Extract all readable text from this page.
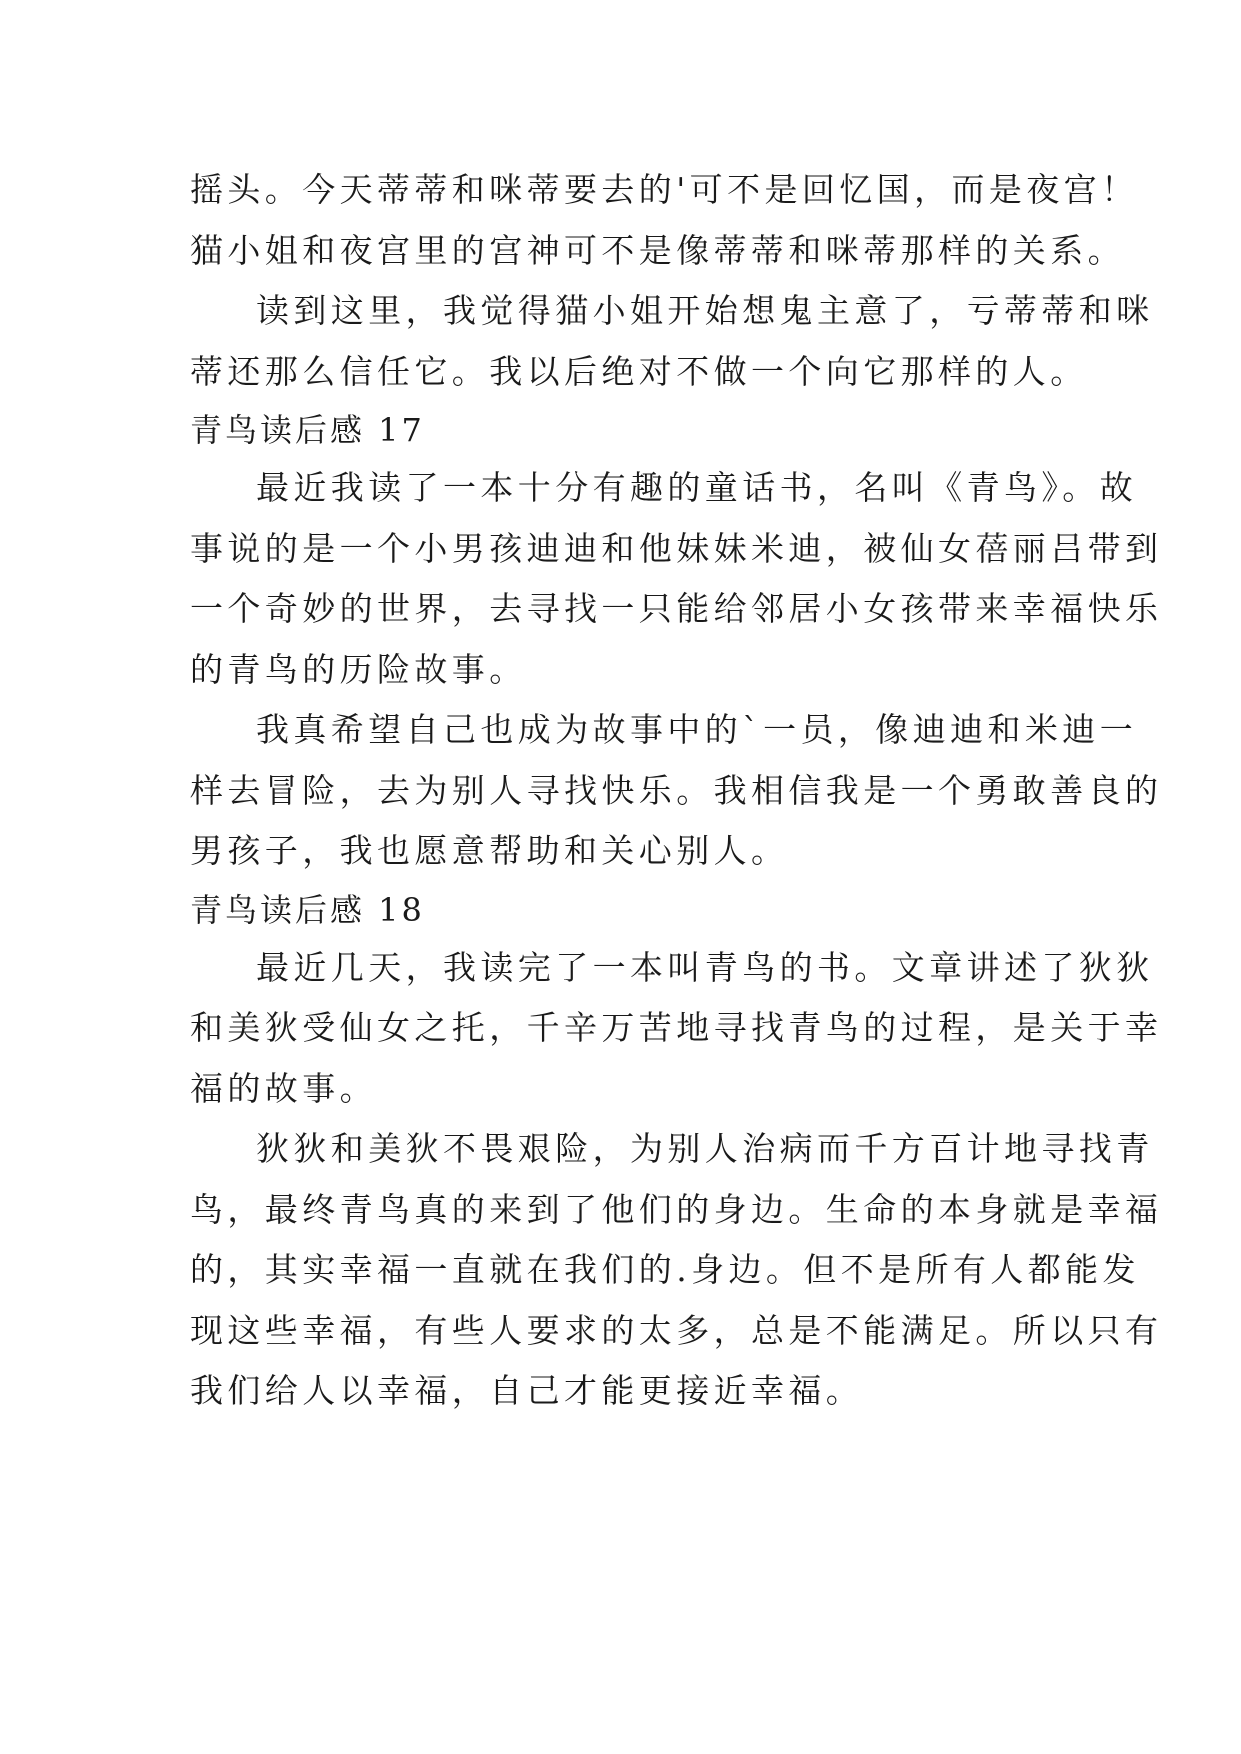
摇头。今天蒂蒂和咪蒂要去的'可不是回忆国，而是夜宫！
猫小姐和夜宫里的宫神可不是像蒂蒂和咪蒂那样的关系。
读到这里，我觉得猫小姐开始想鬼主意了，亏蒂蒂和咪
蒂还那么信任它。我以后绝对不做一个向它那样的人。
青鸟读后感 17
最近我读了一本十分有趣的童话书，名叫《青鸟》。故
事说的是一个小男孩迪迪和他妹妹米迪，被仙女蓓丽吕带到
一个奇妙的世界，去寻找一只能给邻居小女孩带来幸福快乐
的青鸟的历险故事。
我真希望自己也成为故事中的`一员，像迪迪和米迪一
样去冒险，去为别人寻找快乐。我相信我是一个勇敢善良的
男孩子，我也愿意帮助和关心别人。
青鸟读后感 18
最近几天，我读完了一本叫青鸟的书。文章讲述了狄狄
和美狄受仙女之托，千辛万苦地寻找青鸟的过程，是关于幸
福的故事。
狄狄和美狄不畏艰险，为别人治病而千方百计地寻找青
鸟，最终青鸟真的来到了他们的身边。生命的本身就是幸福
的，其实幸福一直就在我们的.身边。但不是所有人都能发
现这些幸福，有些人要求的太多，总是不能满足。所以只有
我们给人以幸福，自己才能更接近幸福。
